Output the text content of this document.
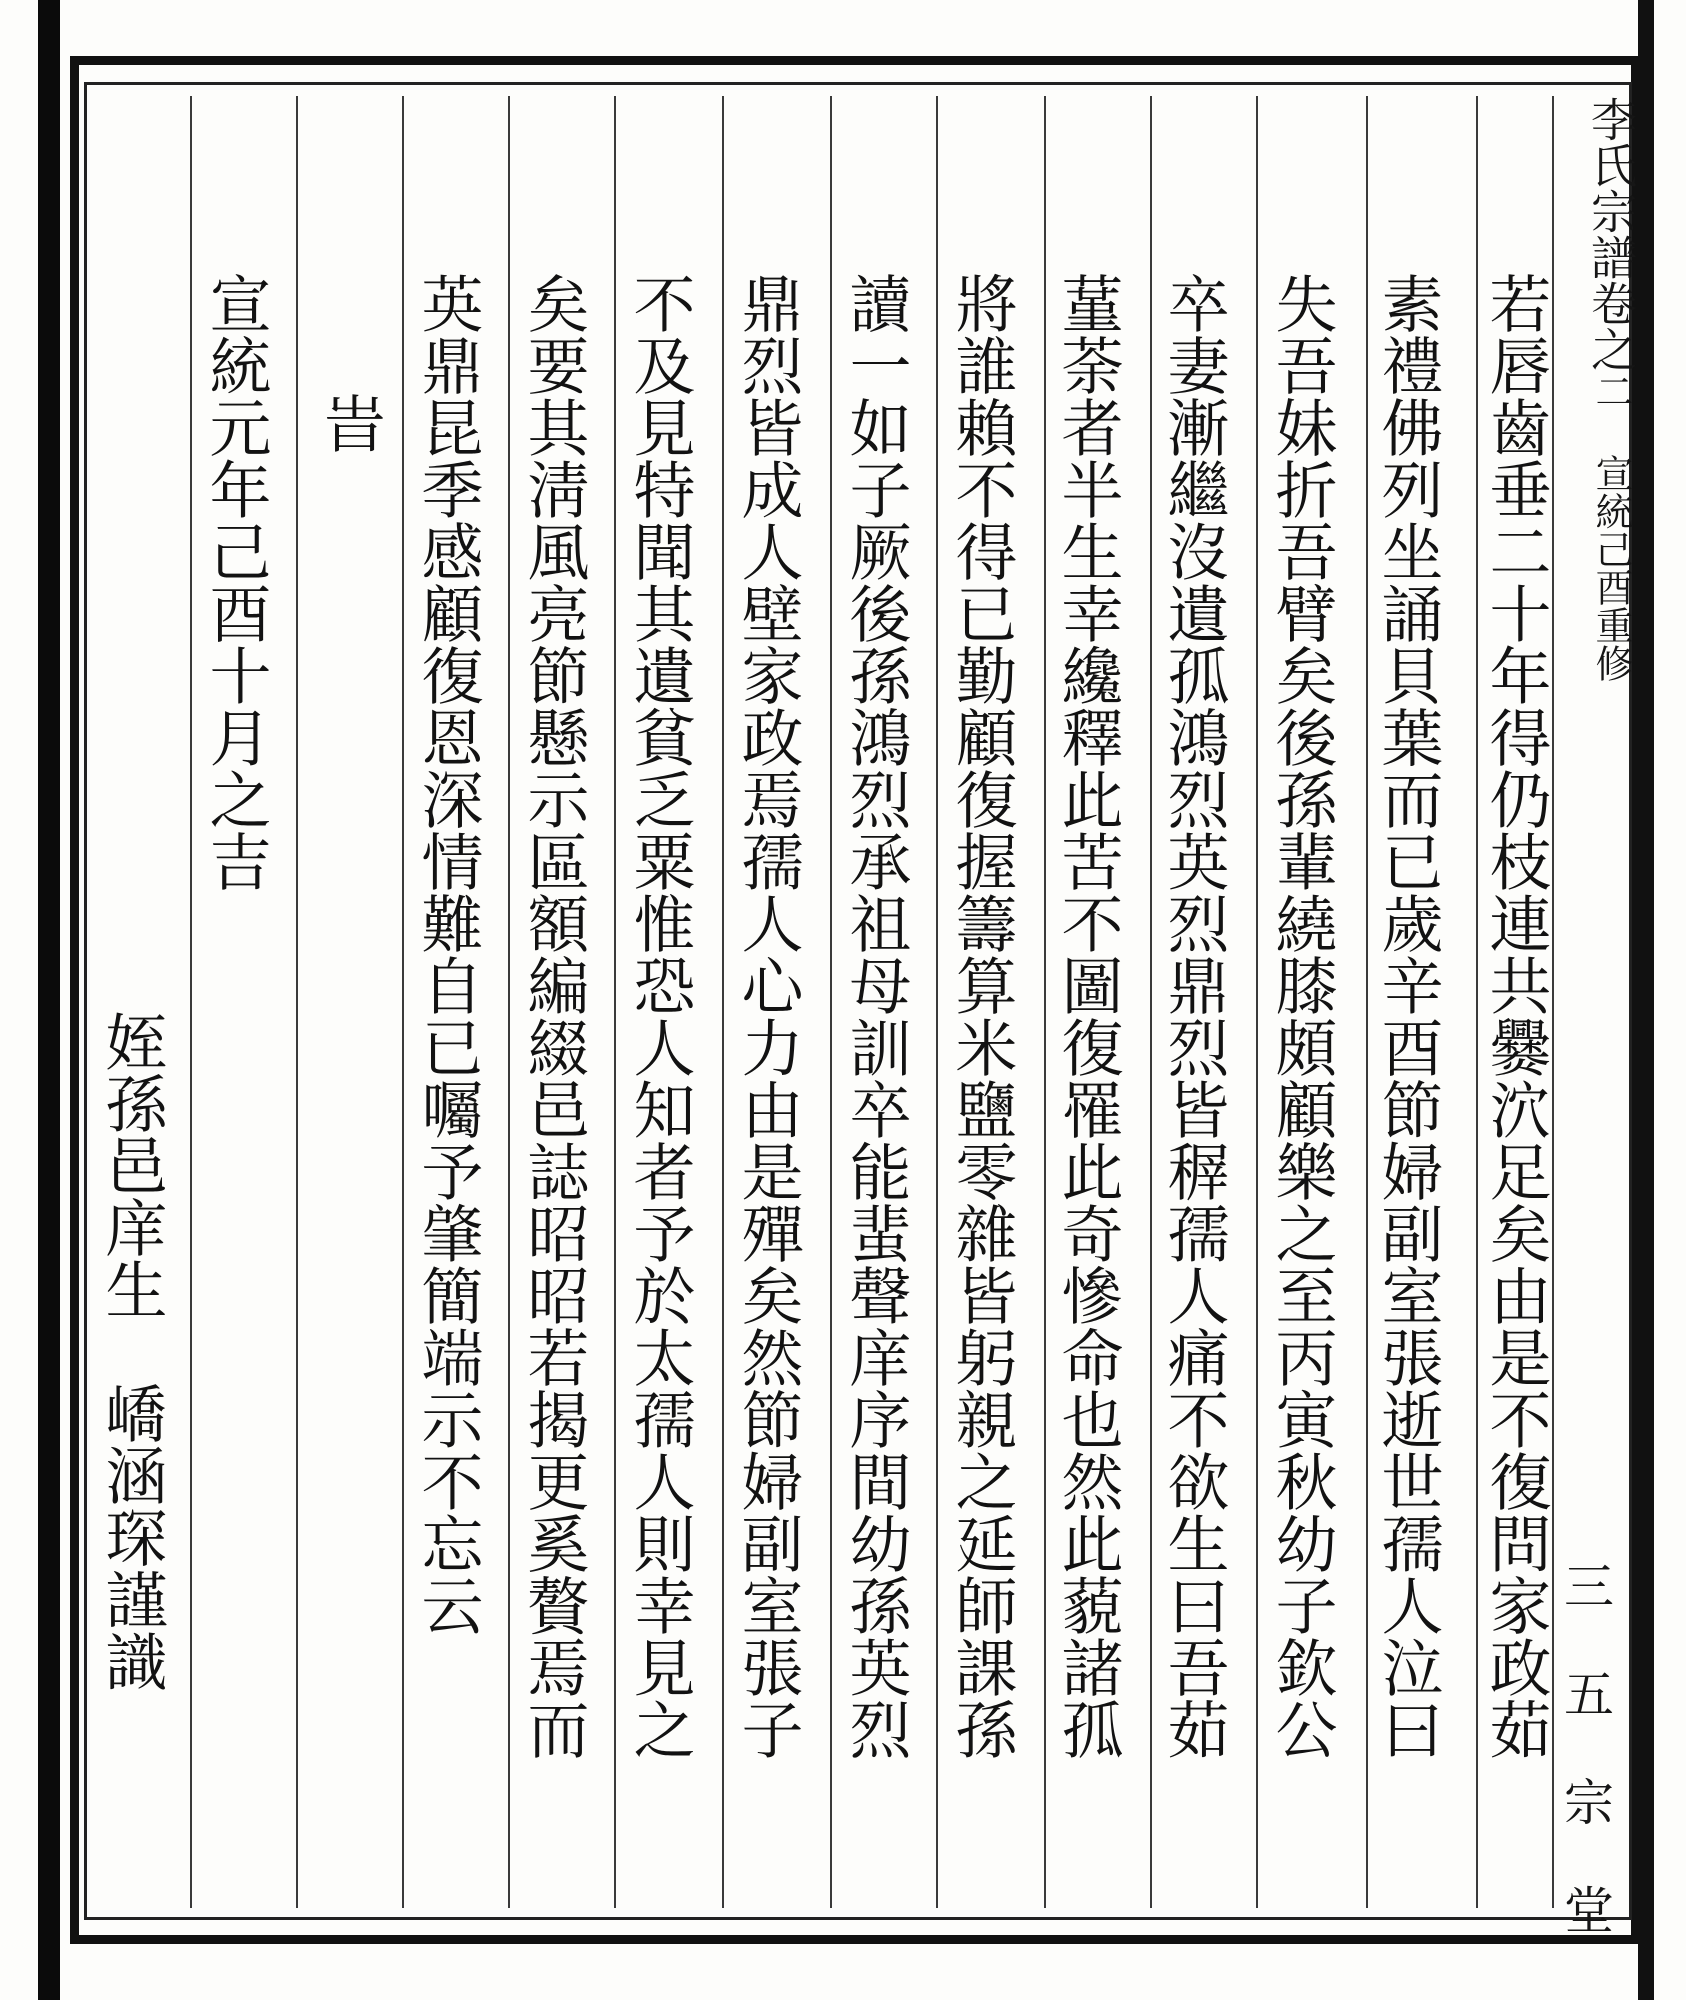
李氏宗譜卷之二 宣統己酉重修
三 五 宗 堂
若唇齒垂二十年得仍枝連共爨泬足矣由是不復問家政茹
素禮佛列坐誦貝葉而已歲辛酉節婦副室張逝世孺人泣曰
失吾妹折吾臂矣後孫輩繞膝頗顧樂之至丙寅秋幼子欽公
卒妻漸繼沒遺孤鴻烈英烈鼎烈皆稺孺人痛不欲生曰吾茹
蓳荼者半生幸纔釋此苦不圖復罹此奇慘命也然此藐諸孤
將誰賴不得已勤顧復握籌算米鹽零雜皆躬親之延師課孫
讀一如子厥後孫鴻烈承祖母訓卒能蜚聲庠序間幼孫英烈
鼎烈皆成人壁家政焉孺人心力由是殫矣然節婦副室張子
不及見特聞其遺貧乏粟惟恐人知者予於太孺人則幸見之
矣要其淸風亮節懸示區額編綴邑誌昭昭若揭更奚贅焉而
英鼎昆季感顧復恩深情難自已囑予肇簡端示不忘云
旹
宣統元年己酉十月之吉
姪孫邑庠生　嶠涵琛謹識
